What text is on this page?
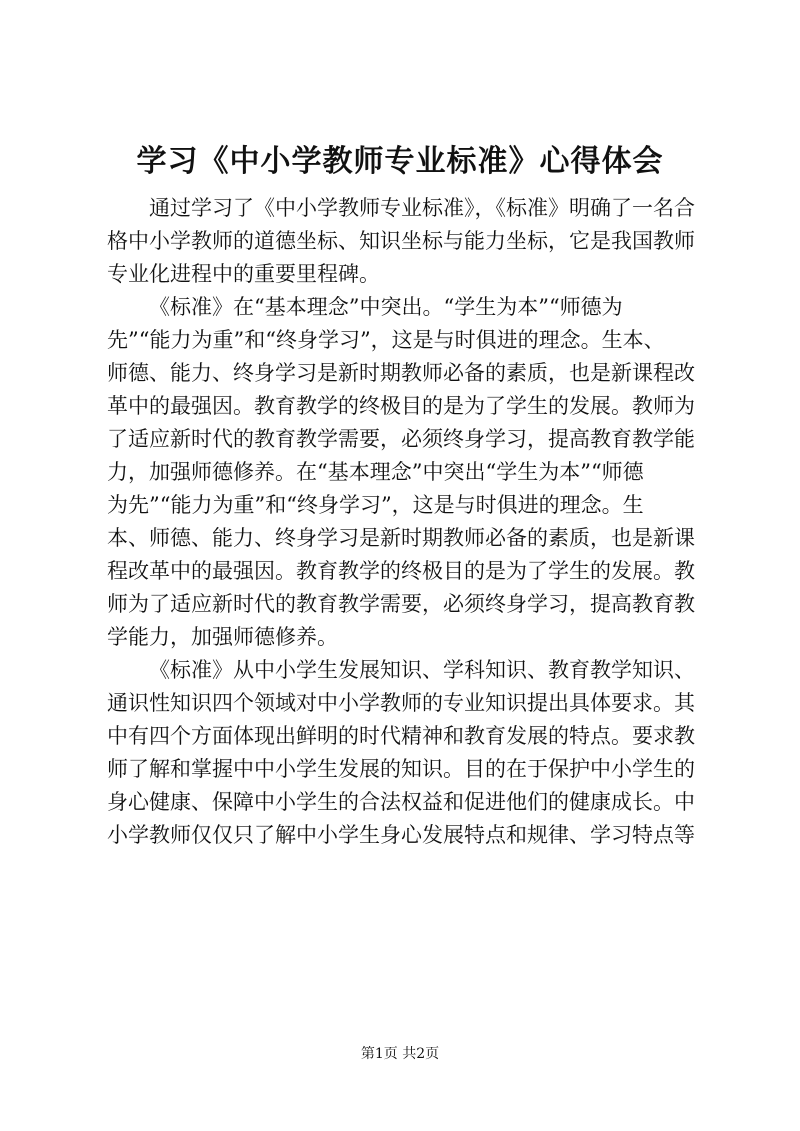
学习《中小学教师专业标准》心得体会
通过学习了《中小学教师专业标准》，《标准》明确了一名合
格中小学教师的道德坐标、知识坐标与能力坐标，它是我国教师
专业化进程中的重要里程碑。
《标准》在“基本理念”中突出。“学生为本”“师德为
先”“能力为重”和“终身学习”，这是与时俱进的理念。生本、
师德、能力、终身学习是新时期教师必备的素质，也是新课程改
革中的最强因。教育教学的终极目的是为了学生的发展。教师为
了适应新时代的教育教学需要，必须终身学习，提高教育教学能
力，加强师德修养。在“基本理念”中突出“学生为本”“师德
为先”“能力为重”和“终身学习”，这是与时俱进的理念。生
本、师德、能力、终身学习是新时期教师必备的素质，也是新课
程改革中的最强因。教育教学的终极目的是为了学生的发展。教
师为了适应新时代的教育教学需要，必须终身学习，提高教育教
学能力，加强师德修养。
《标准》从中小学生发展知识、学科知识、教育教学知识、
通识性知识四个领域对中小学教师的专业知识提出具体要求。其
中有四个方面体现出鲜明的时代精神和教育发展的特点。要求教
师了解和掌握中中小学生发展的知识。目的在于保护中小学生的
身心健康、保障中小学生的合法权益和促进他们的健康成长。中
小学教师仅仅只了解中小学生身心发展特点和规律、学习特点等
第1页 共2页
